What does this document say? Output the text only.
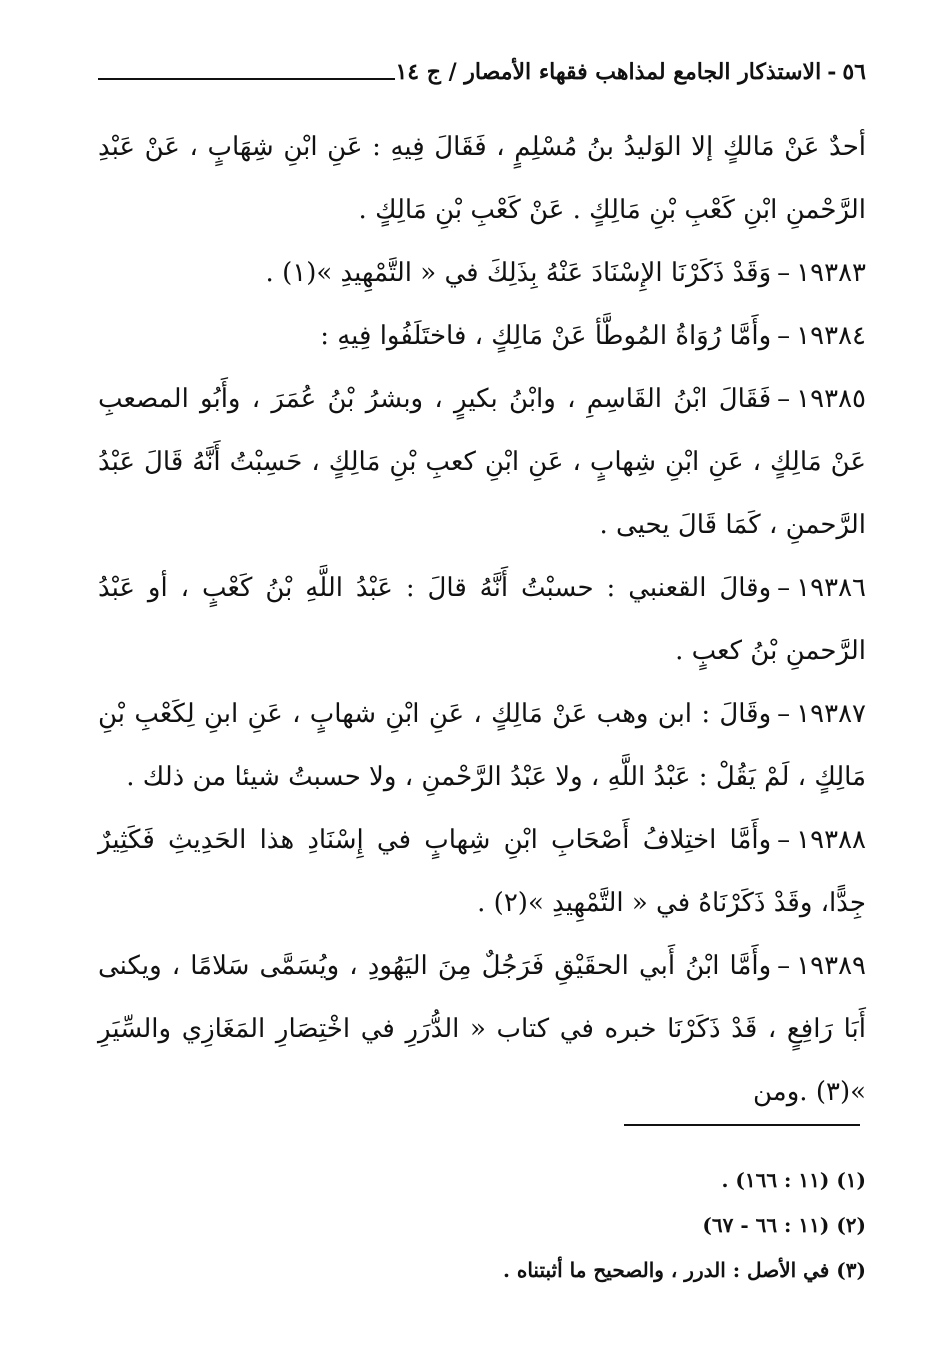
٥٦-الاستذكار الجامع لمذاهب فقهاء الأمصار / ج ١٤

أحدٌ عَنْ مَالكٍ إلا الوَليدُ بنُ مُسْلِمٍ ، فَقَالَ فِيهِ : عَنِ ابْنِ شِهَابٍ ، عَنْ عَبْدِ الرَّحْمنِ ابْنِ كَعْبِ بْنِ مَالِكٍ . عَنْ كَعْبِ بْنِ مَالِكٍ .

١٩٣٨٣–وَقَدْ ذَكَرْنَا الإِسْنَادَ عَنْهُ بِذَلِكَ في « التَّمْهِيدِ »(١) .

١٩٣٨٤–وأَمَّا رُوَاةُ المُوطَّأ عَنْ مَالِكٍ ، فاختَلَفُوا فِيهِ :

١٩٣٨٥–فَقَالَ ابْنُ القَاسِمِ ، وابْنُ بكيرٍ ، وبشرُ بْنُ عُمَرَ ، وأَبُو المصعبِ عَنْ مَالِكٍ ، عَنِ ابْنِ شِهابٍ ، عَنِ ابْنِ كعبِ بْنِ مَالِكٍ ، حَسِبْتُ أَنَّهُ قَالَ عَبْدُ الرَّحمنِ ، كَمَا قَالَ يحيى .

١٩٣٨٦–وقالَ القعنبي : حسبْتُ أَنَّهُ قالَ : عَبْدُ اللَّهِ بْنُ كَعْبٍ ، أو عَبْدُ الرَّحمنِ بْنُ كعبٍ .

١٩٣٨٧–وقَالَ : ابن وهب عَنْ مَالِكٍ ، عَنِ ابْنِ شهابٍ ، عَنِ ابنِ لِكَعْبِ بْنِ مَالِكٍ ، لَمْ يَقُلْ : عَبْدُ اللَّهِ ، ولا عَبْدُ الرَّحْمنِ ، ولا حسبتُ شيئا من ذلك .

١٩٣٨٨–وأَمَّا اختِلافُ أَصْحَابِ ابْنِ شِهابٍ في إِسْنَادِ هذا الحَدِيثِ فَكَثِيرٌ جِدًّا، وقَدْ ذَكَرْنَاهُ في « التَّمْهِيدِ »(٢) .

١٩٣٨٩–وأَمَّا ابْنُ أَبي الحقَيْقِ فَرَجُلٌ مِنَ اليَهُودِ ، ويُسَمَّى سَلامًا ، ويكنى أَبَا رَافِعٍ ، قَدْ ذَكَرْنَا خبره في كتاب « الدُّرَرِ في اخْتِصَارِ المَغَازِي والسِّيَرِ »(٣) .ومن

(١) (١١ : ١٦٦) .

(٢) (١١ : ٦٦ - ٦٧)

(٣) في الأصل : الدرر ، والصحيح ما أثبتناه .
